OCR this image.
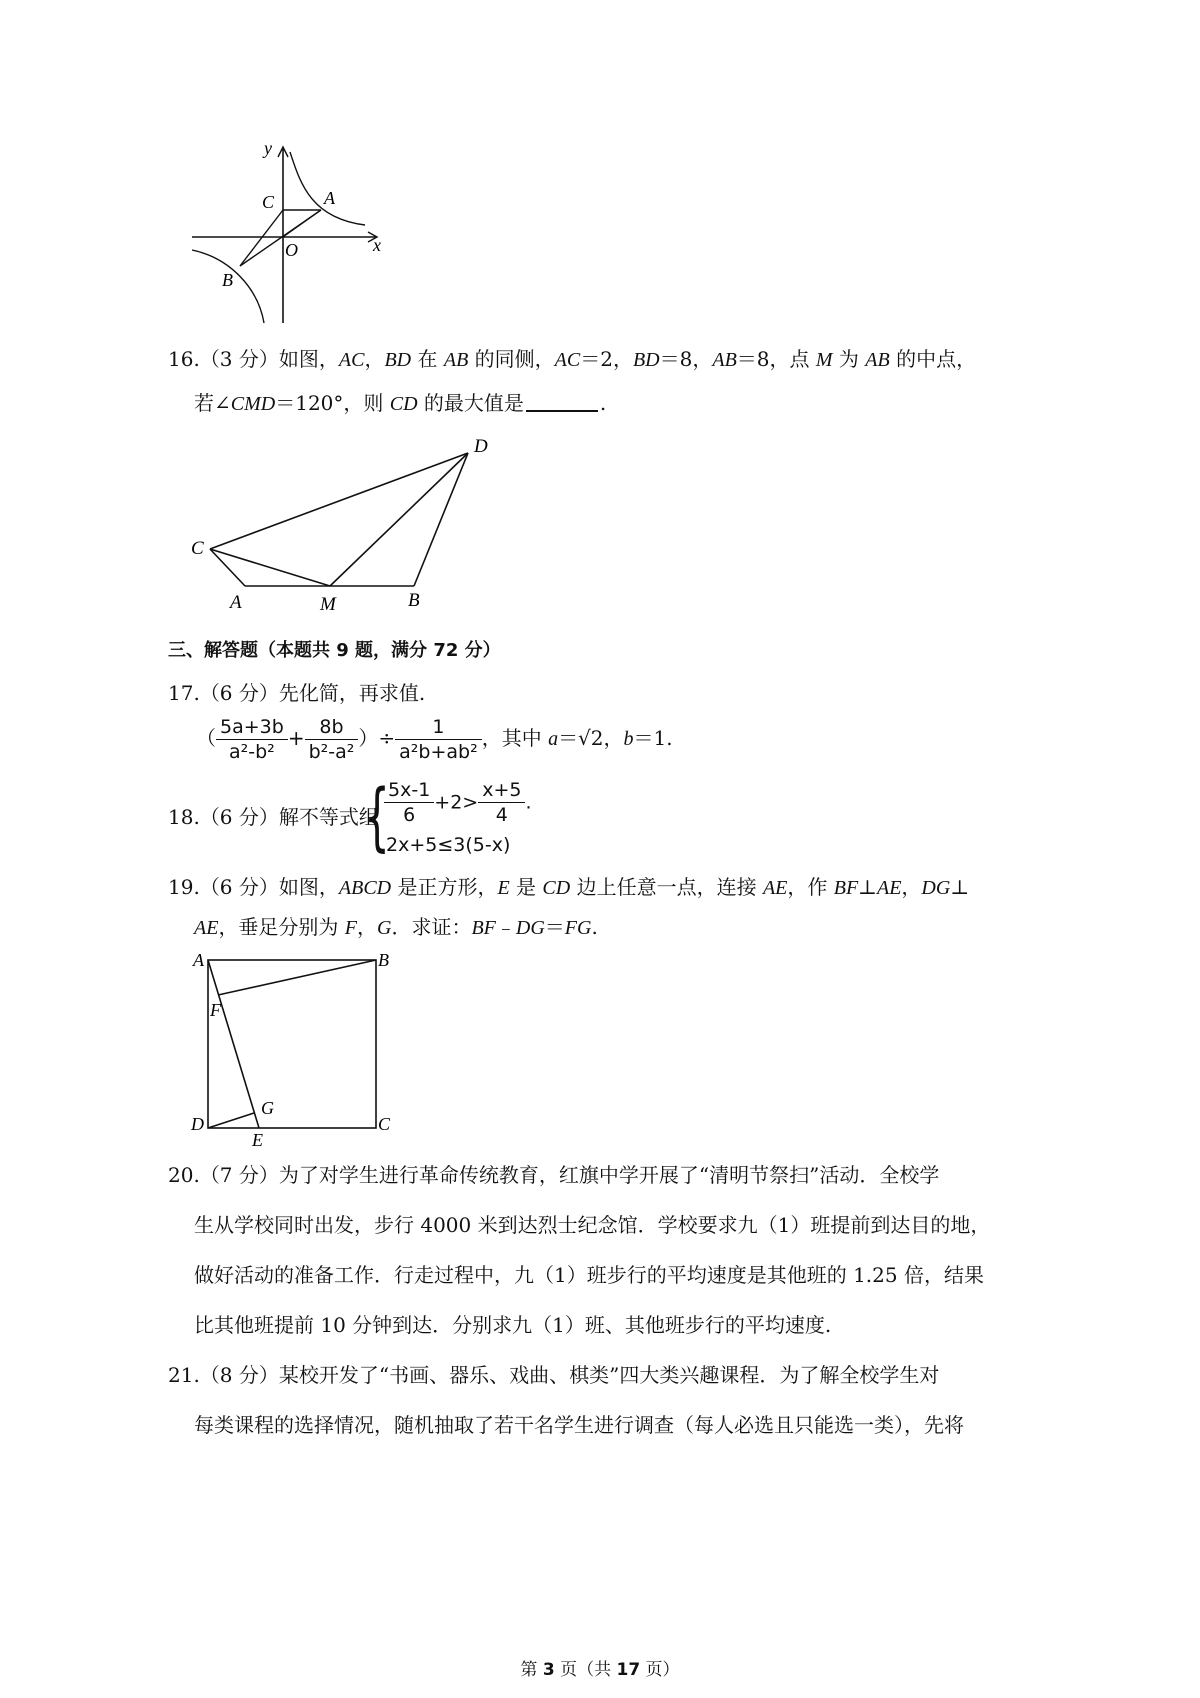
y
x
C	A
O
B
16.（3 分）如图，AC，BD 在 AB 的同侧，AC＝2，BD＝8，AB＝8，点 M 为 AB 的中点，
若∠CMD＝120°，则 CD 的最大值是	.
D
C
A	M	B
三、解答题（本题共 9 题，满分 72 分）
17.（6 分）先化简，再求值.
（ $\frac{5a+3b}{\text{a²-b²}} + \frac{8b}{\text{b²-a²}}$ ）÷ $\frac{1}{\text{a²b+ab²}}$ ，其中 a＝√2，b＝1.
18.（6 分）解不等式组
{
$\frac{5x-1}{6} +2> \frac{x+5}{4}$ .
2x+5≤3(5-x)
19.（6 分）如图，ABCD 是正方形，E 是 CD 边上任意一点，连接 AE，作 BF⊥AE，DG⊥
AE，垂足分别为 F，G．求证：BF﹣DG＝FG.
A	B
F
G
D
E
C
20.（7 分）为了对学生进行革命传统教育，红旗中学开展了“清明节祭扫”活动．全校学
生从学校同时出发，步行 4000 米到达烈士纪念馆．学校要求九（1）班提前到达目的地，
做好活动的准备工作．行走过程中，九（1）班步行的平均速度是其他班的 1.25 倍，结果
比其他班提前 10 分钟到达．分别求九（1）班、其他班步行的平均速度.
21.（8 分）某校开发了“书画、器乐、戏曲、棋类”四大类兴趣课程．为了解全校学生对
每类课程的选择情况，随机抽取了若干名学生进行调查（每人必选且只能选一类），先将
第 3 页（共 17 页）
